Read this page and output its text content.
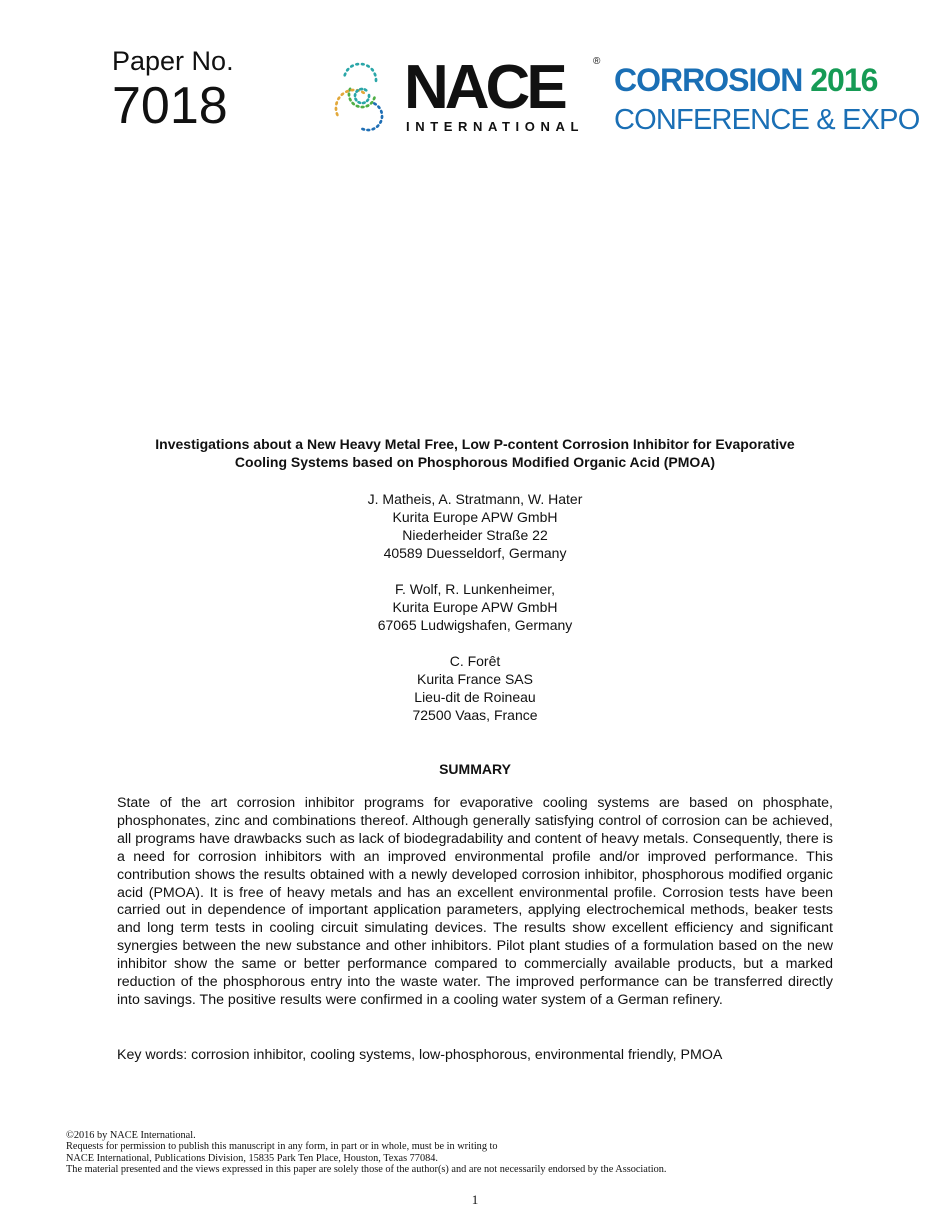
Paper No.
7018	NACE
INTERNATIONAL
®
CORROSION 2016
CONFERENCE & EXPO
Investigations about a New Heavy Metal Free, Low P-content Corrosion Inhibitor for Evaporative
Cooling Systems based on Phosphorous Modified Organic Acid (PMOA)
J. Matheis, A. Stratmann, W. Hater
Kurita Europe APW GmbH
Niederheider Straße 22
40589 Duesseldorf, Germany
F. Wolf, R. Lunkenheimer,
Kurita Europe APW GmbH
67065 Ludwigshafen, Germany
C. Forêt
Kurita France SAS
Lieu-dit de Roineau
72500 Vaas, France
SUMMARY

State of the art corrosion inhibitor programs for evaporative cooling systems are based on phosphate, phosphonates, zinc and combinations thereof. Although generally satisfying control of corrosion can be achieved, all programs have drawbacks such as lack of biodegradability and content of heavy metals. Consequently, there is a need for corrosion inhibitors with an improved environmental profile and/or improved performance. This contribution shows the results obtained with a newly developed corrosion inhibitor, phosphorous modified organic acid (PMOA). It is free of heavy metals and has an excellent environmental profile. Corrosion tests have been carried out in dependence of important application parameters, applying electrochemical methods, beaker tests and long term tests in cooling circuit simulating devices. The results show excellent efficiency and significant synergies between the new substance and other inhibitors. Pilot plant studies of a formulation based on the new inhibitor show the same or better performance compared to commercially available products, but a marked reduction of the phosphorous entry into the waste water. The improved performance can be transferred directly into savings. The positive results were confirmed in a cooling water system of a German refinery.

Key words: corrosion inhibitor, cooling systems, low-phosphorous, environmental friendly, PMOA
©2016 by NACE International.
Requests for permission to publish this manuscript in any form, in part or in whole, must be in writing to
NACE International, Publications Division, 15835 Park Ten Place, Houston, Texas 77084.
The material presented and the views expressed in this paper are solely those of the author(s) and are not necessarily endorsed by the Association.
1
